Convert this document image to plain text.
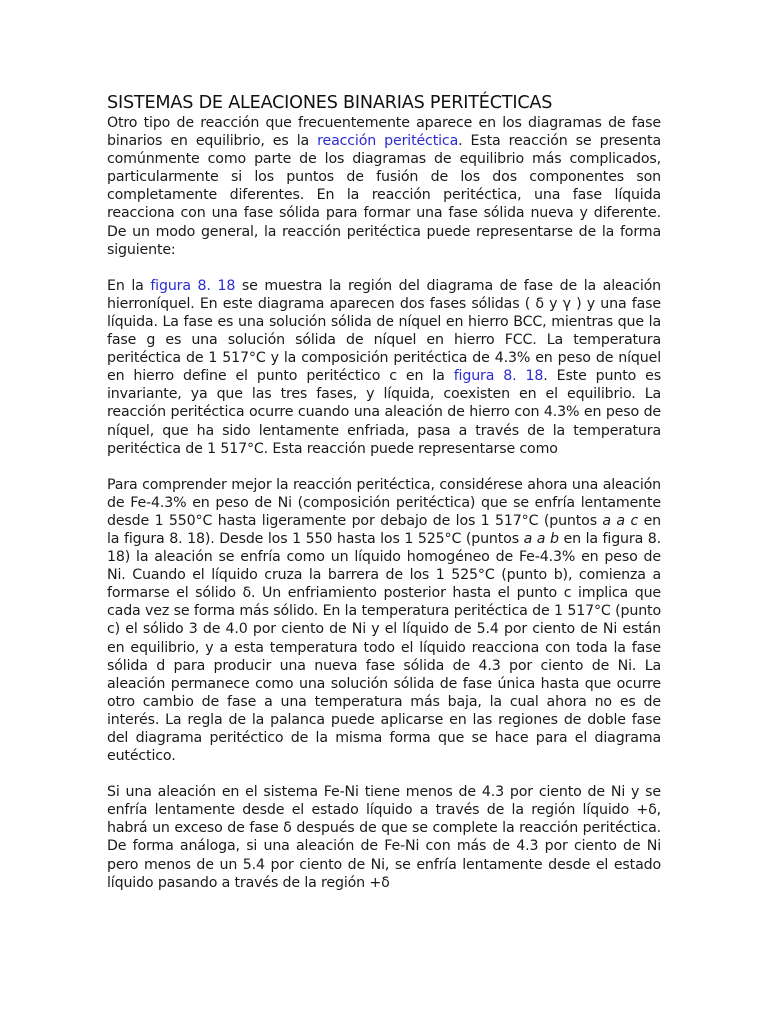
SISTEMAS DE ALEACIONES BINARIAS PERITÉCTICAS

Otro tipo de reacción que frecuentemente aparece en los diagramas de fase binarios en equilibrio, es la reacción peritéctica. Esta reacción se presenta comúnmente como parte de los diagramas de equilibrio más complicados, particularmente si los puntos de fusión de los dos componentes son completamente diferentes. En la reacción peritéctica, una fase líquida reacciona con una fase sólida para formar una fase sólida nueva y diferente. De un modo general, la reacción peritéctica puede representarse de la forma siguiente:

En la figura 8. 18 se muestra la región del diagrama de fase de la aleación hierroníquel. En este diagrama aparecen dos fases sólidas ( δ y γ ) y una fase líquida. La fase es una solución sólida de níquel en hierro BCC, mientras que la fase g es una solución sólida de níquel en hierro FCC. La temperatura peritéctica de 1 517°C y la composición peritéctica de 4.3% en peso de níquel en hierro define el punto peritéctico c en la figura 8. 18. Este punto es invariante, ya que las tres fases, y líquida, coexisten en el equilibrio. La reacción peritéctica ocurre cuando una aleación de hierro con 4.3% en peso de níquel, que ha sido lentamente enfriada, pasa a través de la temperatura peritéctica de 1 517°C. Esta reacción puede representarse como

Para comprender mejor la reacción peritéctica, considérese ahora una aleación de Fe-4.3% en peso de Ni (composición peritéctica) que se enfría lentamente desde 1 550°C hasta ligeramente por debajo de los 1 517°C (puntos a a c en la figura 8. 18). Desde los 1 550 hasta los 1 525°C (puntos a a b en la figura 8. 18) la aleación se enfría como un líquido homogéneo de Fe-4.3% en peso de Ni. Cuando el líquido cruza la barrera de los 1 525°C (punto b), comienza a formarse el sólido δ. Un enfriamiento posterior hasta el punto c implica que cada vez se forma más sólido. En la temperatura peritéctica de 1 517°C (punto c) el sólido 3 de 4.0 por ciento de Ni y el líquido de 5.4 por ciento de Ni están en equilibrio, y a esta temperatura todo el líquido reacciona con toda la fase sólida d para producir una nueva fase sólida de 4.3 por ciento de Ni. La aleación permanece como una solución sólida de fase única hasta que ocurre otro cambio de fase a una temperatura más baja, la cual ahora no es de interés. La regla de la palanca puede aplicarse en las regiones de doble fase del diagrama peritéctico de la misma forma que se hace para el diagrama eutéctico.

Si una aleación en el sistema Fe-Ni tiene menos de 4.3 por ciento de Ni y se enfría lentamente desde el estado líquido a través de la región líquido +δ, habrá un exceso de fase δ después de que se complete la reacción peritéctica. De forma análoga, si una aleación de Fe-Ni con más de 4.3 por ciento de Ni pero menos de un 5.4 por ciento de Ni, se enfría lentamente desde el estado líquido pasando a través de la región +δ
